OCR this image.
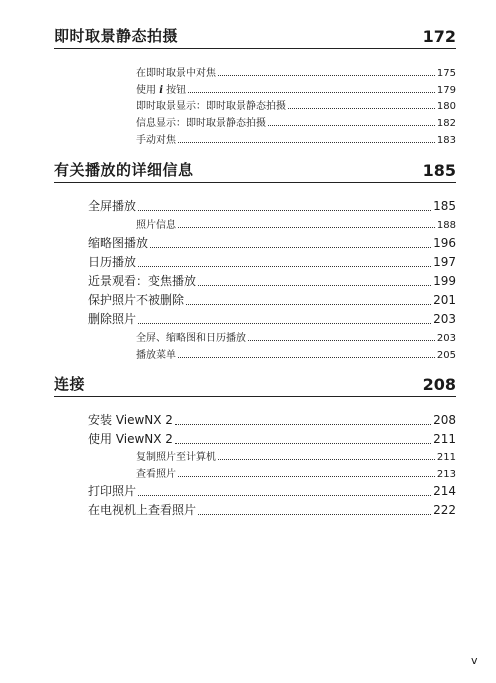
即时取景静态拍摄	172
在即时取景中对焦	175
使用 i 按钮	179
即时取景显示：即时取景静态拍摄	180
信息显示：即时取景静态拍摄	182
手动对焦	183
有关播放的详细信息	185
全屏播放	185
照片信息	188
缩略图播放	196
日历播放	197
近景观看：变焦播放	199
保护照片不被删除	201
删除照片	203
全屏、缩略图和日历播放	203
播放菜单	205
连接	208
安装 ViewNX 2	208
使用 ViewNX 2	211
复制照片至计算机	211
查看照片	213
打印照片	214
在电视机上查看照片	222
v
